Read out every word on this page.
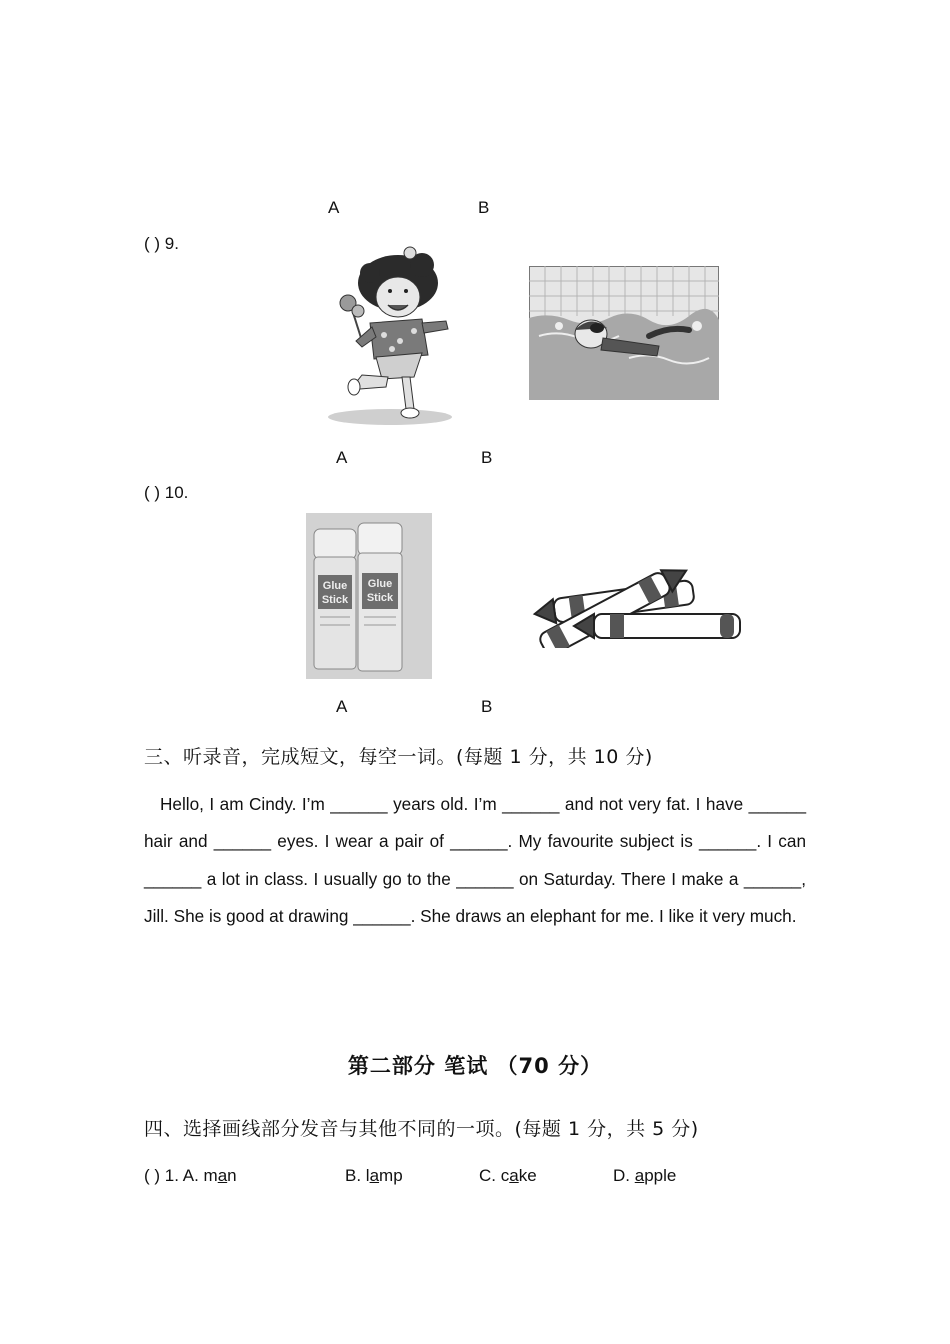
A	B
( ) 9.
A	B
( ) 10.
Glue
Stick
Glue
Stick
A	B
三、听录音，完成短文，每空一词。(每题 1 分，共 10 分)
Hello, I am Cindy. I’m ______ years old. I’m ______ and not very fat. I have ______ hair and ______ eyes. I wear a pair of ______. My favourite subject is ______. I can ______ a lot in class. I usually go to the ______ on Saturday. There I make a ______, Jill. She is good at drawing ______. She draws an elephant for me. I like it very much.
第二部分 笔试 （70 分）
四、选择画线部分发音与其他不同的一项。(每题 1 分，共 5 分)
( ) 1. A. man	B. lamp	C. cake	D. apple
